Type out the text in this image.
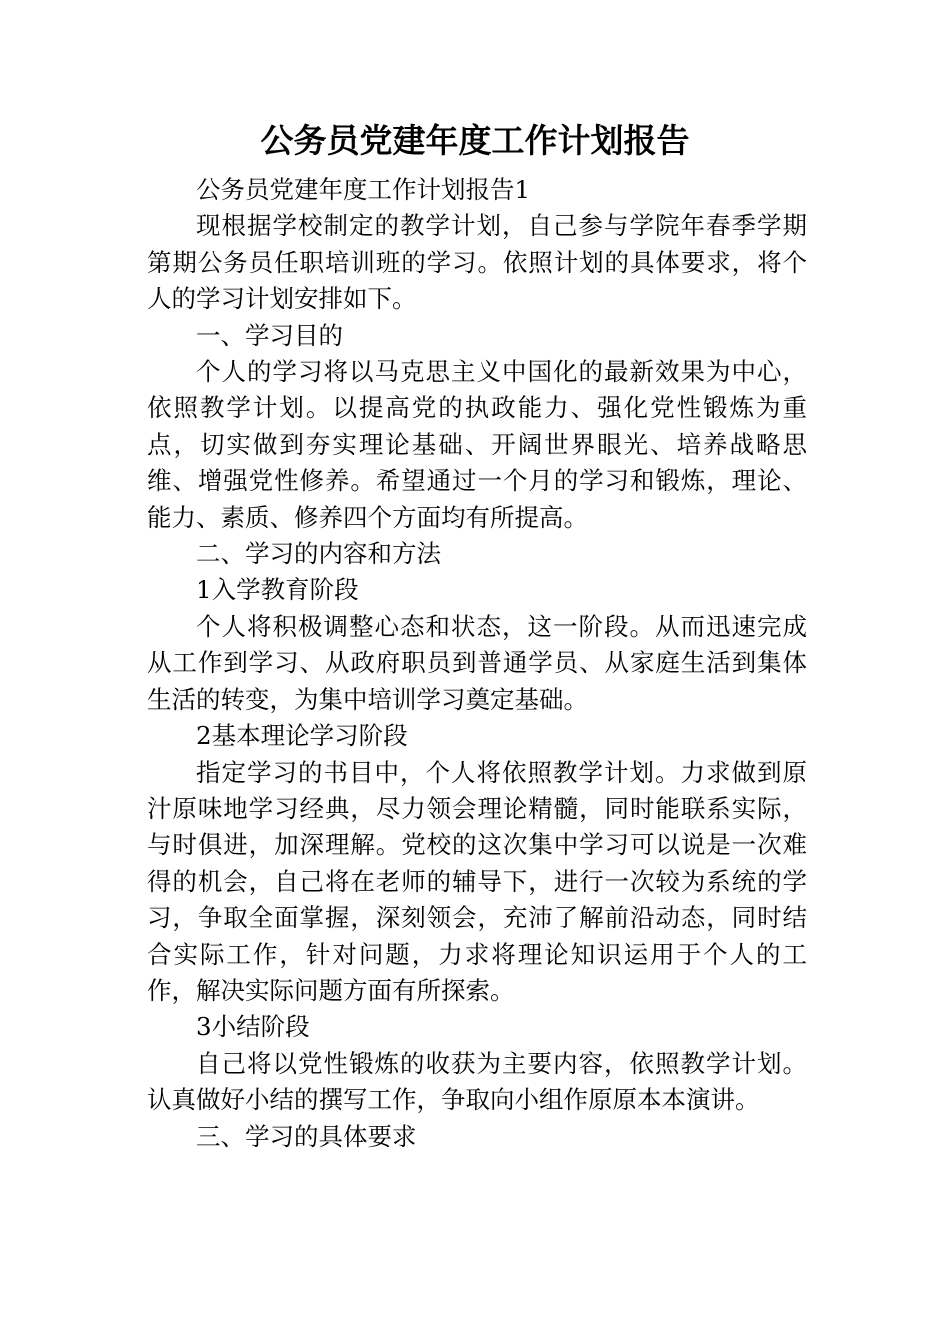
公务员党建年度工作计划报告

公务员党建年度工作计划报告1

现根据学校制定的教学计划，自己参与学院年春季学期第期公务员任职培训班的学习。依照计划的具体要求，将个人的学习计划安排如下。

一、学习目的

个人的学习将以马克思主义中国化的最新效果为中心，依照教学计划。以提高党的执政能力、强化党性锻炼为重点，切实做到夯实理论基础、开阔世界眼光、培养战略思维、增强党性修养。希望通过一个月的学习和锻炼，理论、能力、素质、修养四个方面均有所提高。

二、学习的内容和方法

1入学教育阶段

个人将积极调整心态和状态，这一阶段。从而迅速完成从工作到学习、从政府职员到普通学员、从家庭生活到集体生活的转变，为集中培训学习奠定基础。

2基本理论学习阶段

指定学习的书目中，个人将依照教学计划。力求做到原汁原味地学习经典，尽力领会理论精髓，同时能联系实际，与时俱进，加深理解。党校的这次集中学习可以说是一次难得的机会，自己将在老师的辅导下，进行一次较为系统的学习，争取全面掌握，深刻领会，充沛了解前沿动态，同时结合实际工作，针对问题，力求将理论知识运用于个人的工作，解决实际问题方面有所探索。

3小结阶段

自己将以党性锻炼的收获为主要内容，依照教学计划。认真做好小结的撰写工作，争取向小组作原原本本演讲。

三、学习的具体要求
